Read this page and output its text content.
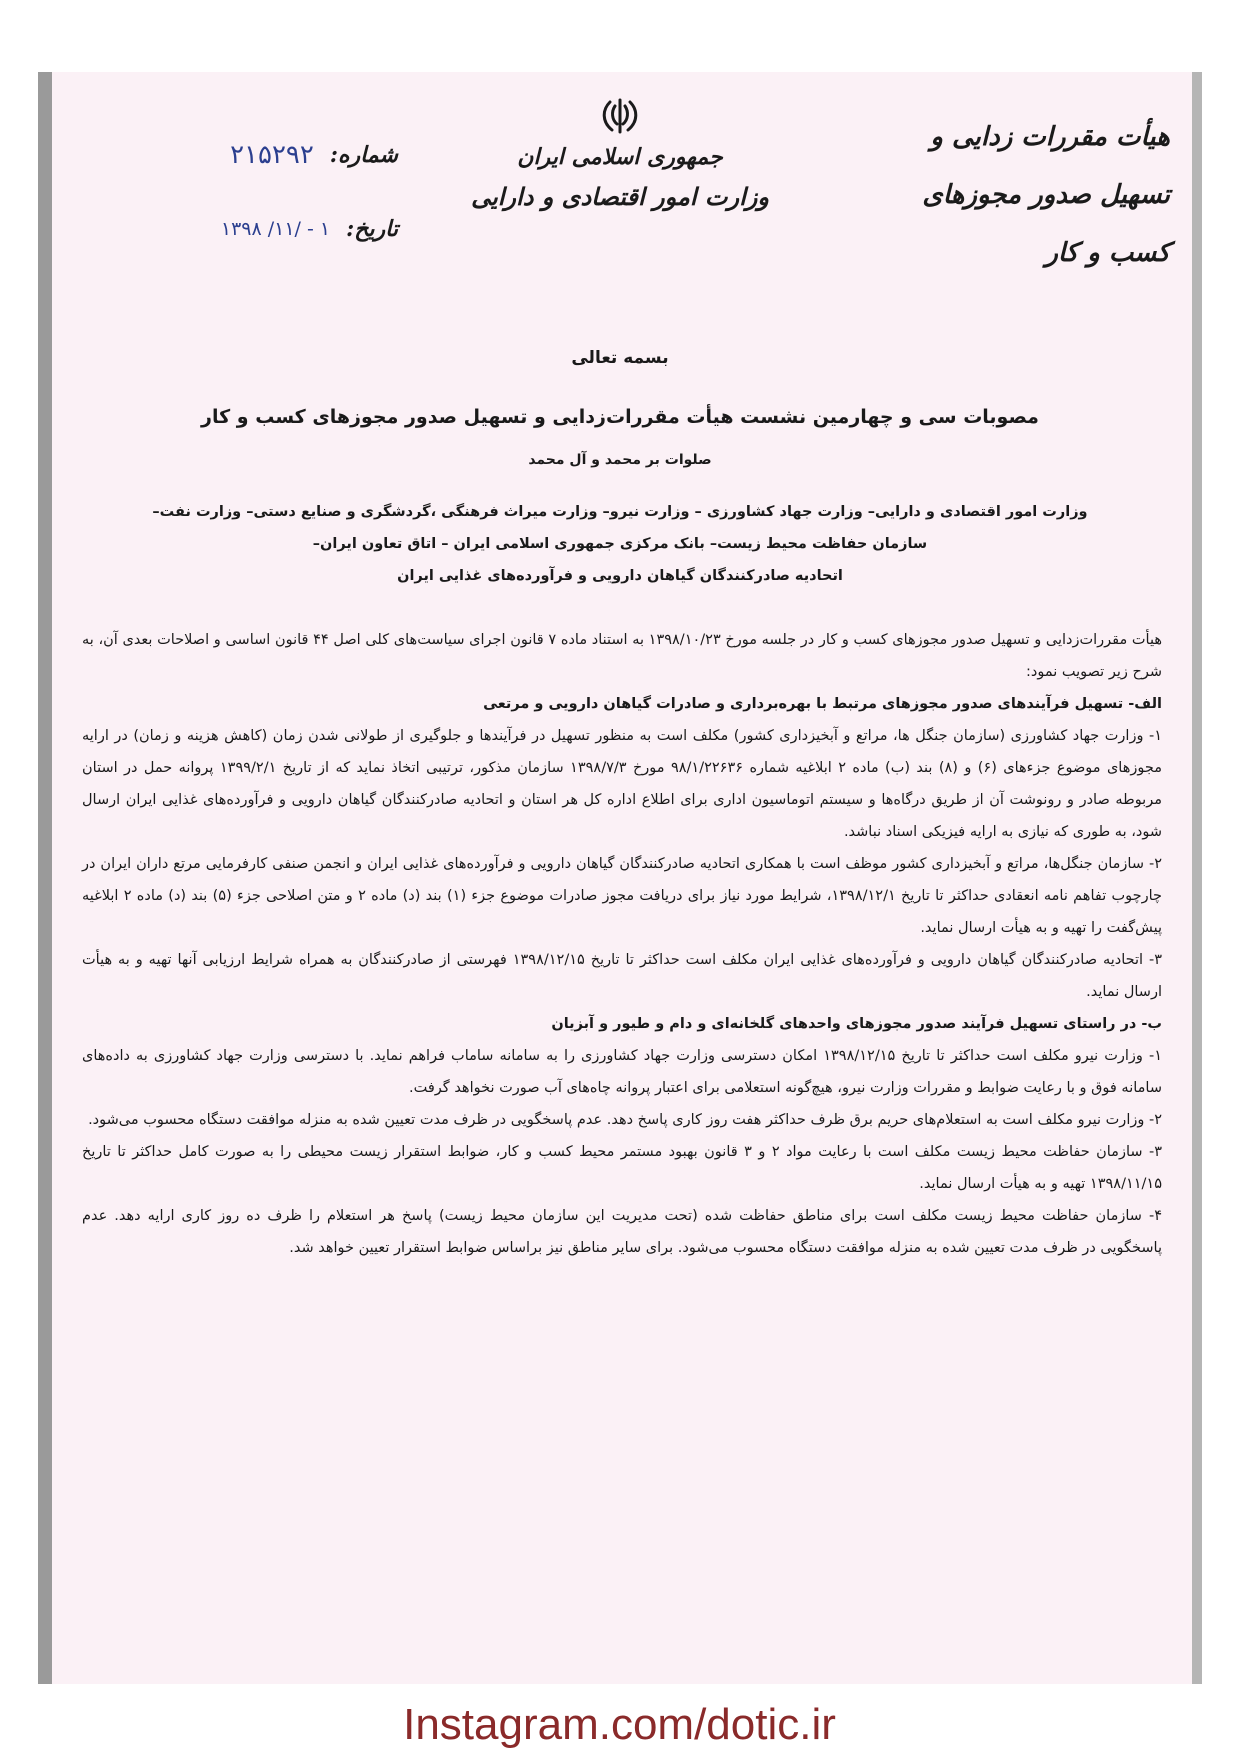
هیأت مقررات زدایی و
تسهیل صدور مجوزهای کسب و کار
جمهوری اسلامی ایران
وزارت امور اقتصادی و دارایی
شماره:
۲۱۵۲۹۲
تاریخ:
۱۳۹۸ /۱۱/ - ۱
بسمه تعالی
مصوبات سی و چهارمین نشست هیأت مقررات‌زدایی و تسهیل صدور مجوزهای کسب و کار
صلوات بر محمد و آل محمد
وزارت امور اقتصادی و دارایی– وزارت جهاد کشاورزی – وزارت نیرو– وزارت میراث فرهنگی ،گردشگری و صنایع دستی– وزارت نفت–
سازمان حفاظت محیط زیست– بانک مرکزی جمهوری اسلامی ایران – اتاق تعاون ایران–
اتحادیه صادرکنندگان گیاهان دارویی و فرآورده‌های غذایی ایران

هیأت مقررات‌زدایی و تسهیل صدور مجوزهای کسب و کار در جلسه مورخ ۱۳۹۸/۱۰/۲۳ به استناد ماده ۷ قانون اجرای سیاست‌های کلی اصل ۴۴ قانون اساسی و اصلاحات بعدی آن، به شرح زیر تصویب نمود:

الف- تسهیل فرآیندهای صدور مجوزهای مرتبط با بهره‌برداری و صادرات گیاهان دارویی و مرتعی

۱- وزارت جهاد کشاورزی (سازمان جنگل ها، مراتع و آبخیزداری کشور) مکلف است به منظور تسهیل در فرآیندها و جلوگیری از طولانی شدن زمان (کاهش هزینه و زمان) در ارایه مجوزهای موضوع جزءهای (۶) و (۸) بند (ب) ماده ۲ ابلاغیه شماره ۹۸/۱/۲۲۶۳۶ مورخ ۱۳۹۸/۷/۳ سازمان مذکور، ترتیبی اتخاذ نماید که از تاریخ ۱۳۹۹/۲/۱ پروانه حمل در استان مربوطه صادر و رونوشت آن از طریق درگاه‌ها و سیستم اتوماسیون اداری برای اطلاع اداره کل هر استان و اتحادیه صادرکنندگان گیاهان دارویی و فرآورده‌های غذایی ایران ارسال شود، به طوری که نیازی به ارایه فیزیکی اسناد نباشد.

۲- سازمان جنگل‌ها، مراتع و آبخیزداری کشور موظف است با همکاری اتحادیه صادرکنندگان گیاهان دارویی و فرآورده‌های غذایی ایران و انجمن صنفی کارفرمایی مرتع داران ایران در چارچوب تفاهم نامه انعقادی حداکثر تا تاریخ ۱۳۹۸/۱۲/۱، شرایط مورد نیاز برای دریافت مجوز صادرات موضوع جزء (۱) بند (د) ماده ۲ و متن اصلاحی جزء (۵) بند (د) ماده ۲ ابلاغیه پیش‌گفت را تهیه و به هیأت ارسال نماید.

۳- اتحادیه صادرکنندگان گیاهان دارویی و فرآورده‌های غذایی ایران مکلف است حداکثر تا تاریخ ۱۳۹۸/۱۲/۱۵ فهرستی از صادرکنندگان به همراه شرایط ارزیابی آنها تهیه و به هیأت ارسال نماید.

ب- در راستای تسهیل فرآیند صدور مجوزهای واحدهای گلخانه‌ای و دام و طیور و آبزیان

۱- وزارت نیرو مکلف است حداکثر تا تاریخ ۱۳۹۸/۱۲/۱۵ امکان دسترسی وزارت جهاد کشاورزی را به سامانه ساماب فراهم نماید. با دسترسی وزارت جهاد کشاورزی به داده‌های سامانه فوق و با رعایت ضوابط و مقررات وزارت نیرو، هیچ‌گونه استعلامی برای اعتبار پروانه چاه‌های آب صورت نخواهد گرفت.

۲- وزارت نیرو مکلف است به استعلام‌های حریم برق ظرف حداکثر هفت روز کاری پاسخ دهد. عدم پاسخگویی در ظرف مدت تعیین شده به منزله موافقت دستگاه محسوب می‌شود.

۳- سازمان حفاظت محیط زیست مکلف است با رعایت مواد ۲ و ۳ قانون بهبود مستمر محیط کسب و کار، ضوابط استقرار زیست محیطی را به صورت کامل حداکثر تا تاریخ ۱۳۹۸/۱۱/۱۵ تهیه و به هیأت ارسال نماید.

۴- سازمان حفاظت محیط زیست مکلف است برای مناطق حفاظت شده (تحت مدیریت این سازمان محیط زیست) پاسخ هر استعلام را ظرف ده روز کاری ارایه دهد. عدم پاسخگویی در ظرف مدت تعیین شده به منزله موافقت دستگاه محسوب می‌شود. برای سایر مناطق نیز براساس ضوابط استقرار تعیین خواهد شد.

Instagram.com/dotic.ir
